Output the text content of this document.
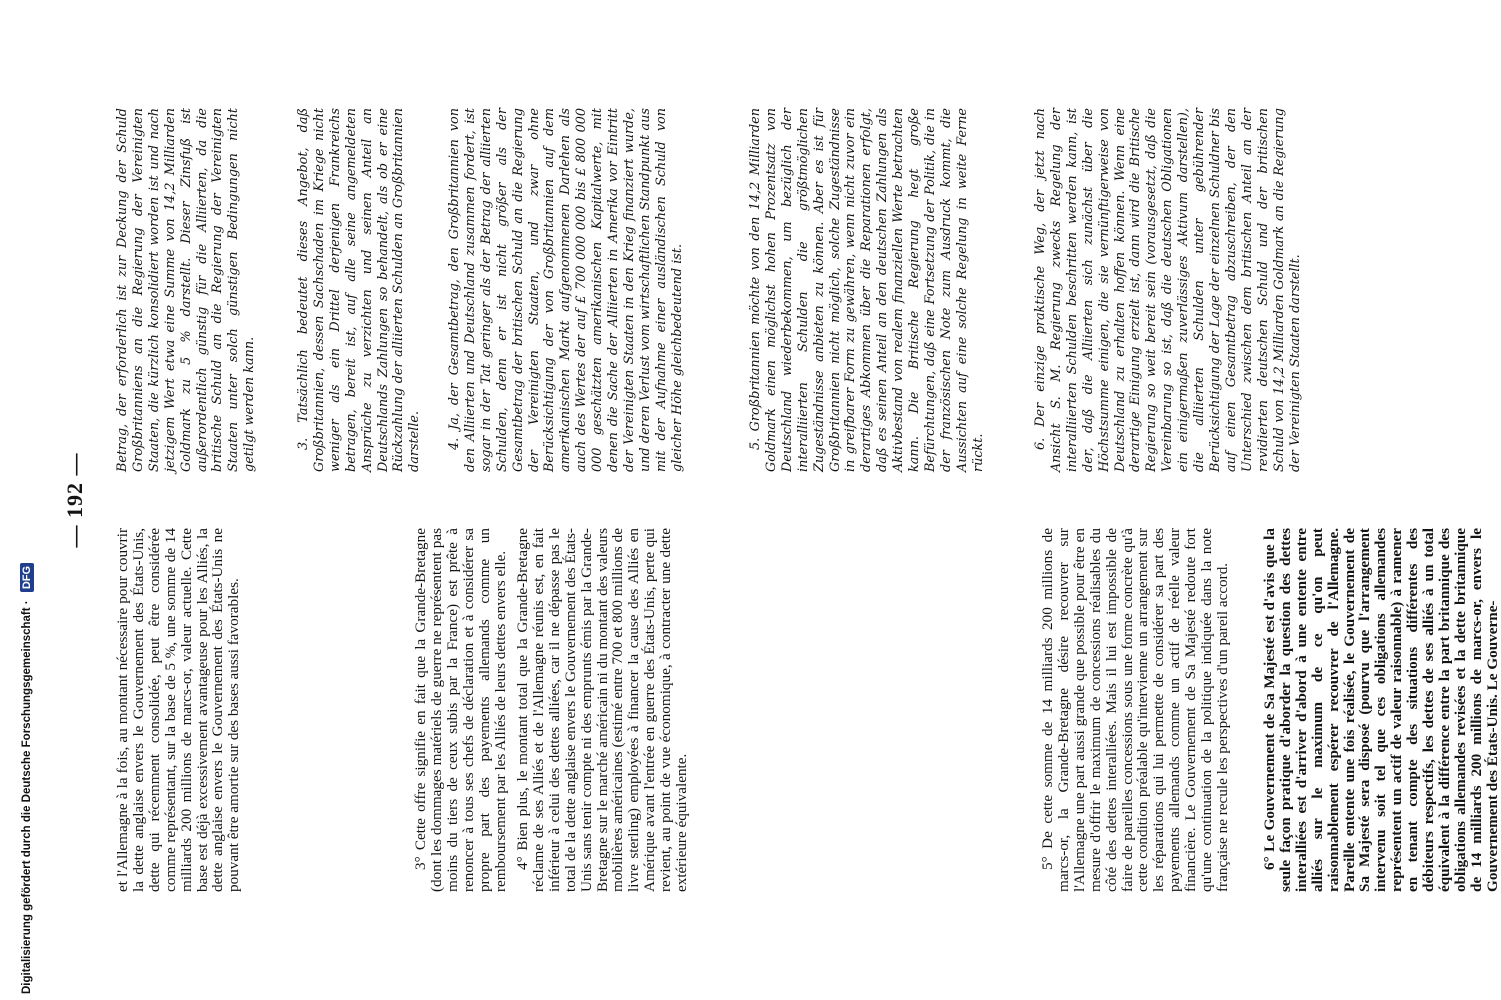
— 192 —
Digitalisierung gefördert durch die Deutsche Forschungsgemeinschaft · DFG	et l'Allemagne à la fois, au montant nécessaire pour couvrir la dette anglaise envers le Gouvernement des États-Unis, dette qui récemment consolidée, peut être considérée comme représentant, sur la base de 5 %, une somme de 14 milliards 200 millions de marcs-or, valeur actuelle. Cette base est déjà excessivement avantageuse pour les Alliés, la dette anglaise envers le Gouvernement des États-Unis ne pouvant être amortie sur des bases aussi favorables.	3° Cette offre signifie en fait que la Grande-Bretagne (dont les dommages matériels de guerre ne représentent pas moins du tiers de ceux subis par la France) est prête à renoncer à tous ses chefs de déclaration et à considérer sa propre part des payements allemands comme un remboursement par les Alliés de leurs dettes envers elle. 4° Bien plus, le montant total que la Grande-Bretagne réclame de ses Alliés et de l'Allemagne réunis est, en fait inférieur à celui des dettes alliées, car il ne dépasse pas le total de la dette anglaise envers le Gouvernement des États-Unis sans tenir compte ni des emprunts émis par la Grande-Bretagne sur le marché américain ni du montant des valeurs mobilières américaines (estimé entre 700 et 800 millions de livre sterling) employées à financer la cause des Alliés en Amérique avant l'entrée en guerre des États-Unis, perte qui revient, au point de vue économique, à contracter une dette extérieure équivalente.	5° De cette somme de 14 milliards 200 millions de marcs-or, la Grande-Bretagne désire recouvrer sur l'Allemagne une part aussi grande que possible pour être en mesure d'offrir le maximum de concessions réalisables du côté des dettes interalliées. Mais il lui est impossible de faire de pareilles concessions sous une forme concrète qu'à cette condition préalable qu'intervienne un arrangement sur les réparations qui lui permette de considérer sa part des payements allemands comme un actif de réelle valeur financière. Le Gouvernement de Sa Majesté redoute fort qu'une continuation de la politique indiquée dans la note française ne recule les perspectives d'un pareil accord. 6° Le Gouvernement de Sa Majesté est d'avis que la seule façon pratique d'aborder la question des dettes interalliées est d'arriver d'abord à une entente entre alliés sur le maximum de ce qu'on peut raisonnablement espérer recouvrer de l'Allemagne. Pareille entente une fois réalisée, le Gouvernement de Sa Majesté sera disposé (pourvu que l'arrangement intervenu soit tel que ces obligations allemandes représentent un actif de valeur raisonnable) à ramener en tenant compte des situations différentes des débiteurs respectifs, les dettes de ses alliés à un total équivalent à la différence entre la part britannique des obligations allemandes revisées et la dette britannique de 14 milliards 200 millions de marcs-or, envers le Gouvernement des États-Unis. Le Gouverne-

Betrag, der erforderlich ist zur Deckung der Schuld Großbritanniens an die Regierung der Vereinigten Staaten, die kürzlich konsolidiert worden ist und nach jetzigem Wert etwa eine Summe von 14,2 Milliarden Goldmark zu 5 % darstellt. Dieser Zinsfuß ist außerordentlich günstig für die Alliierten, da die britische Schuld an die Regierung der Vereinigten Staaten unter solch günstigen Bedingungen nicht getilgt werden kann.	3. Tatsächlich bedeutet dieses Angebot, daß Großbritannien, dessen Sachschaden im Kriege nicht weniger als ein Drittel derjenigen Frankreichs betragen, bereit ist, auf alle seine angemeldeten Ansprüche zu verzichten und seinen Anteil an Deutschlands Zahlungen so behandelt, als ob er eine Rückzahlung der alliierten Schulden an Großbritannien darstelle. 4. Ja, der Gesamtbetrag, den Großbritannien von den Alliierten und Deutschland zusammen fordert, ist sogar in der Tat geringer als der Betrag der alliierten Schulden, denn er ist nicht größer als der Gesamtbetrag der britischen Schuld an die Regierung der Vereinigten Staaten, und zwar ohne Berücksichtigung der von Großbritannien auf dem amerikanischen Markt aufgenommenen Darlehen als auch des Wertes der auf £ 700 000 000 bis £ 800 000 000 geschätzten amerikanischen Kapitalwerte, mit denen die Sache der Alliierten in Amerika vor Eintritt der Vereinigten Staaten in den Krieg finanziert wurde, und deren Verlust vom wirtschaftlichen Standpunkt aus mit der Aufnahme einer ausländischen Schuld von gleicher Höhe gleichbedeutend ist.	5. Großbritannien möchte von den 14,2 Milliarden Goldmark einen möglichst hohen Prozentsatz von Deutschland wiederbekommen, um bezüglich der interalliierten Schulden die größtmöglichen Zugeständnisse anbieten zu können. Aber es ist für Großbritannien nicht möglich, solche Zugeständnisse in greifbarer Form zu gewähren, wenn nicht zuvor ein derartiges Abkommen über die Reparationen erfolgt, daß es seinen Anteil an den deutschen Zahlungen als Aktivbestand von realem finanziellen Werte betrachten kann. Die Britische Regierung hegt große Befürchtungen, daß eine Fortsetzung der Politik, die in der französischen Note zum Ausdruck kommt, die Aussichten auf eine solche Regelung in weite Ferne rückt.

6. Der einzige praktische Weg, der jetzt nach Ansicht S. M. Regierung zwecks Regelung der interalliierten Schulden beschritten werden kann, ist der, daß die Alliierten sich zunächst über die Höchstsumme einigen, die sie vernünftigerweise von Deutschland zu erhalten hoffen können. Wenn eine derartige Einigung erzielt ist, dann wird die Britische Regierung so weit bereit sein (vorausgesetzt, daß die Vereinbarung so ist, daß die deutschen Obligationen ein einigermaßen zuverlässiges Aktivum darstellen), die alliierten Schulden unter gebührender Berücksichtigung der Lage der einzelnen Schuldner bis auf einen Gesamtbetrag abzuschreiben, der den Unterschied zwischen dem britischen Anteil an der revidierten deutschen Schuld und der britischen Schuld von 14,2 Milliarden Goldmark an die Regierung der Vereinigten Staaten darstellt.
